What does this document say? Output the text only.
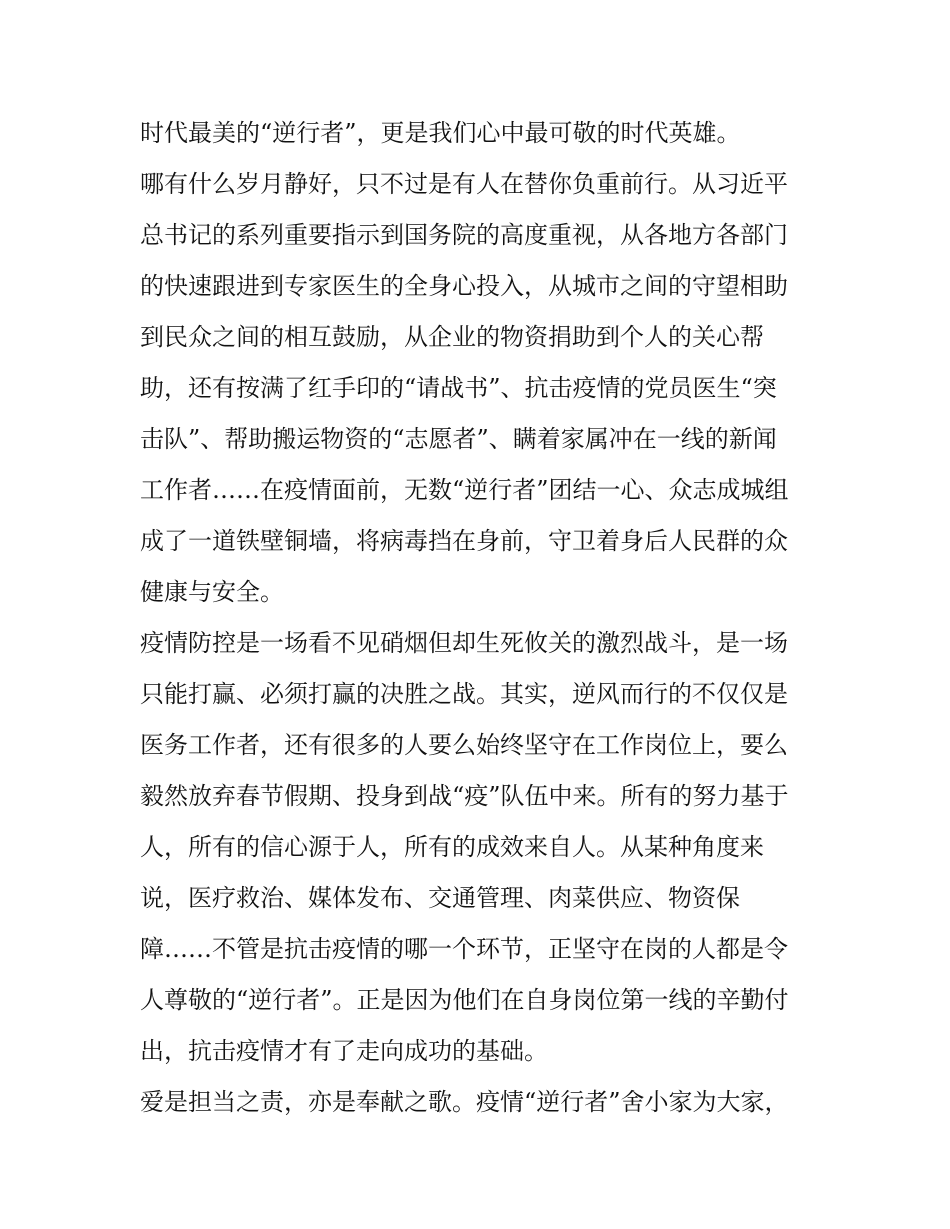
时代最美的“逆行者”，更是我们心中最可敬的时代英雄。
哪有什么岁月静好，只不过是有人在替你负重前行。从习近平
总书记的系列重要指示到国务院的高度重视，从各地方各部门
的快速跟进到专家医生的全身心投入，从城市之间的守望相助
到民众之间的相互鼓励，从企业的物资捐助到个人的关心帮
助，还有按满了红手印的“请战书”、抗击疫情的党员医生“突
击队”、帮助搬运物资的“志愿者”、瞒着家属冲在一线的新闻
工作者……在疫情面前，无数“逆行者”团结一心、众志成城组
成了一道铁壁铜墙，将病毒挡在身前，守卫着身后人民群的众
健康与安全。
疫情防控是一场看不见硝烟但却生死攸关的激烈战斗，是一场
只能打赢、必须打赢的决胜之战。其实，逆风而行的不仅仅是
医务工作者，还有很多的人要么始终坚守在工作岗位上，要么
毅然放弃春节假期、投身到战“疫”队伍中来。所有的努力基于
人，所有的信心源于人，所有的成效来自人。从某种角度来
说，医疗救治、媒体发布、交通管理、肉菜供应、物资保
障……不管是抗击疫情的哪一个环节，正坚守在岗的人都是令
人尊敬的“逆行者”。正是因为他们在自身岗位第一线的辛勤付
出，抗击疫情才有了走向成功的基础。
爱是担当之责，亦是奉献之歌。疫情“逆行者”舍小家为大家，
